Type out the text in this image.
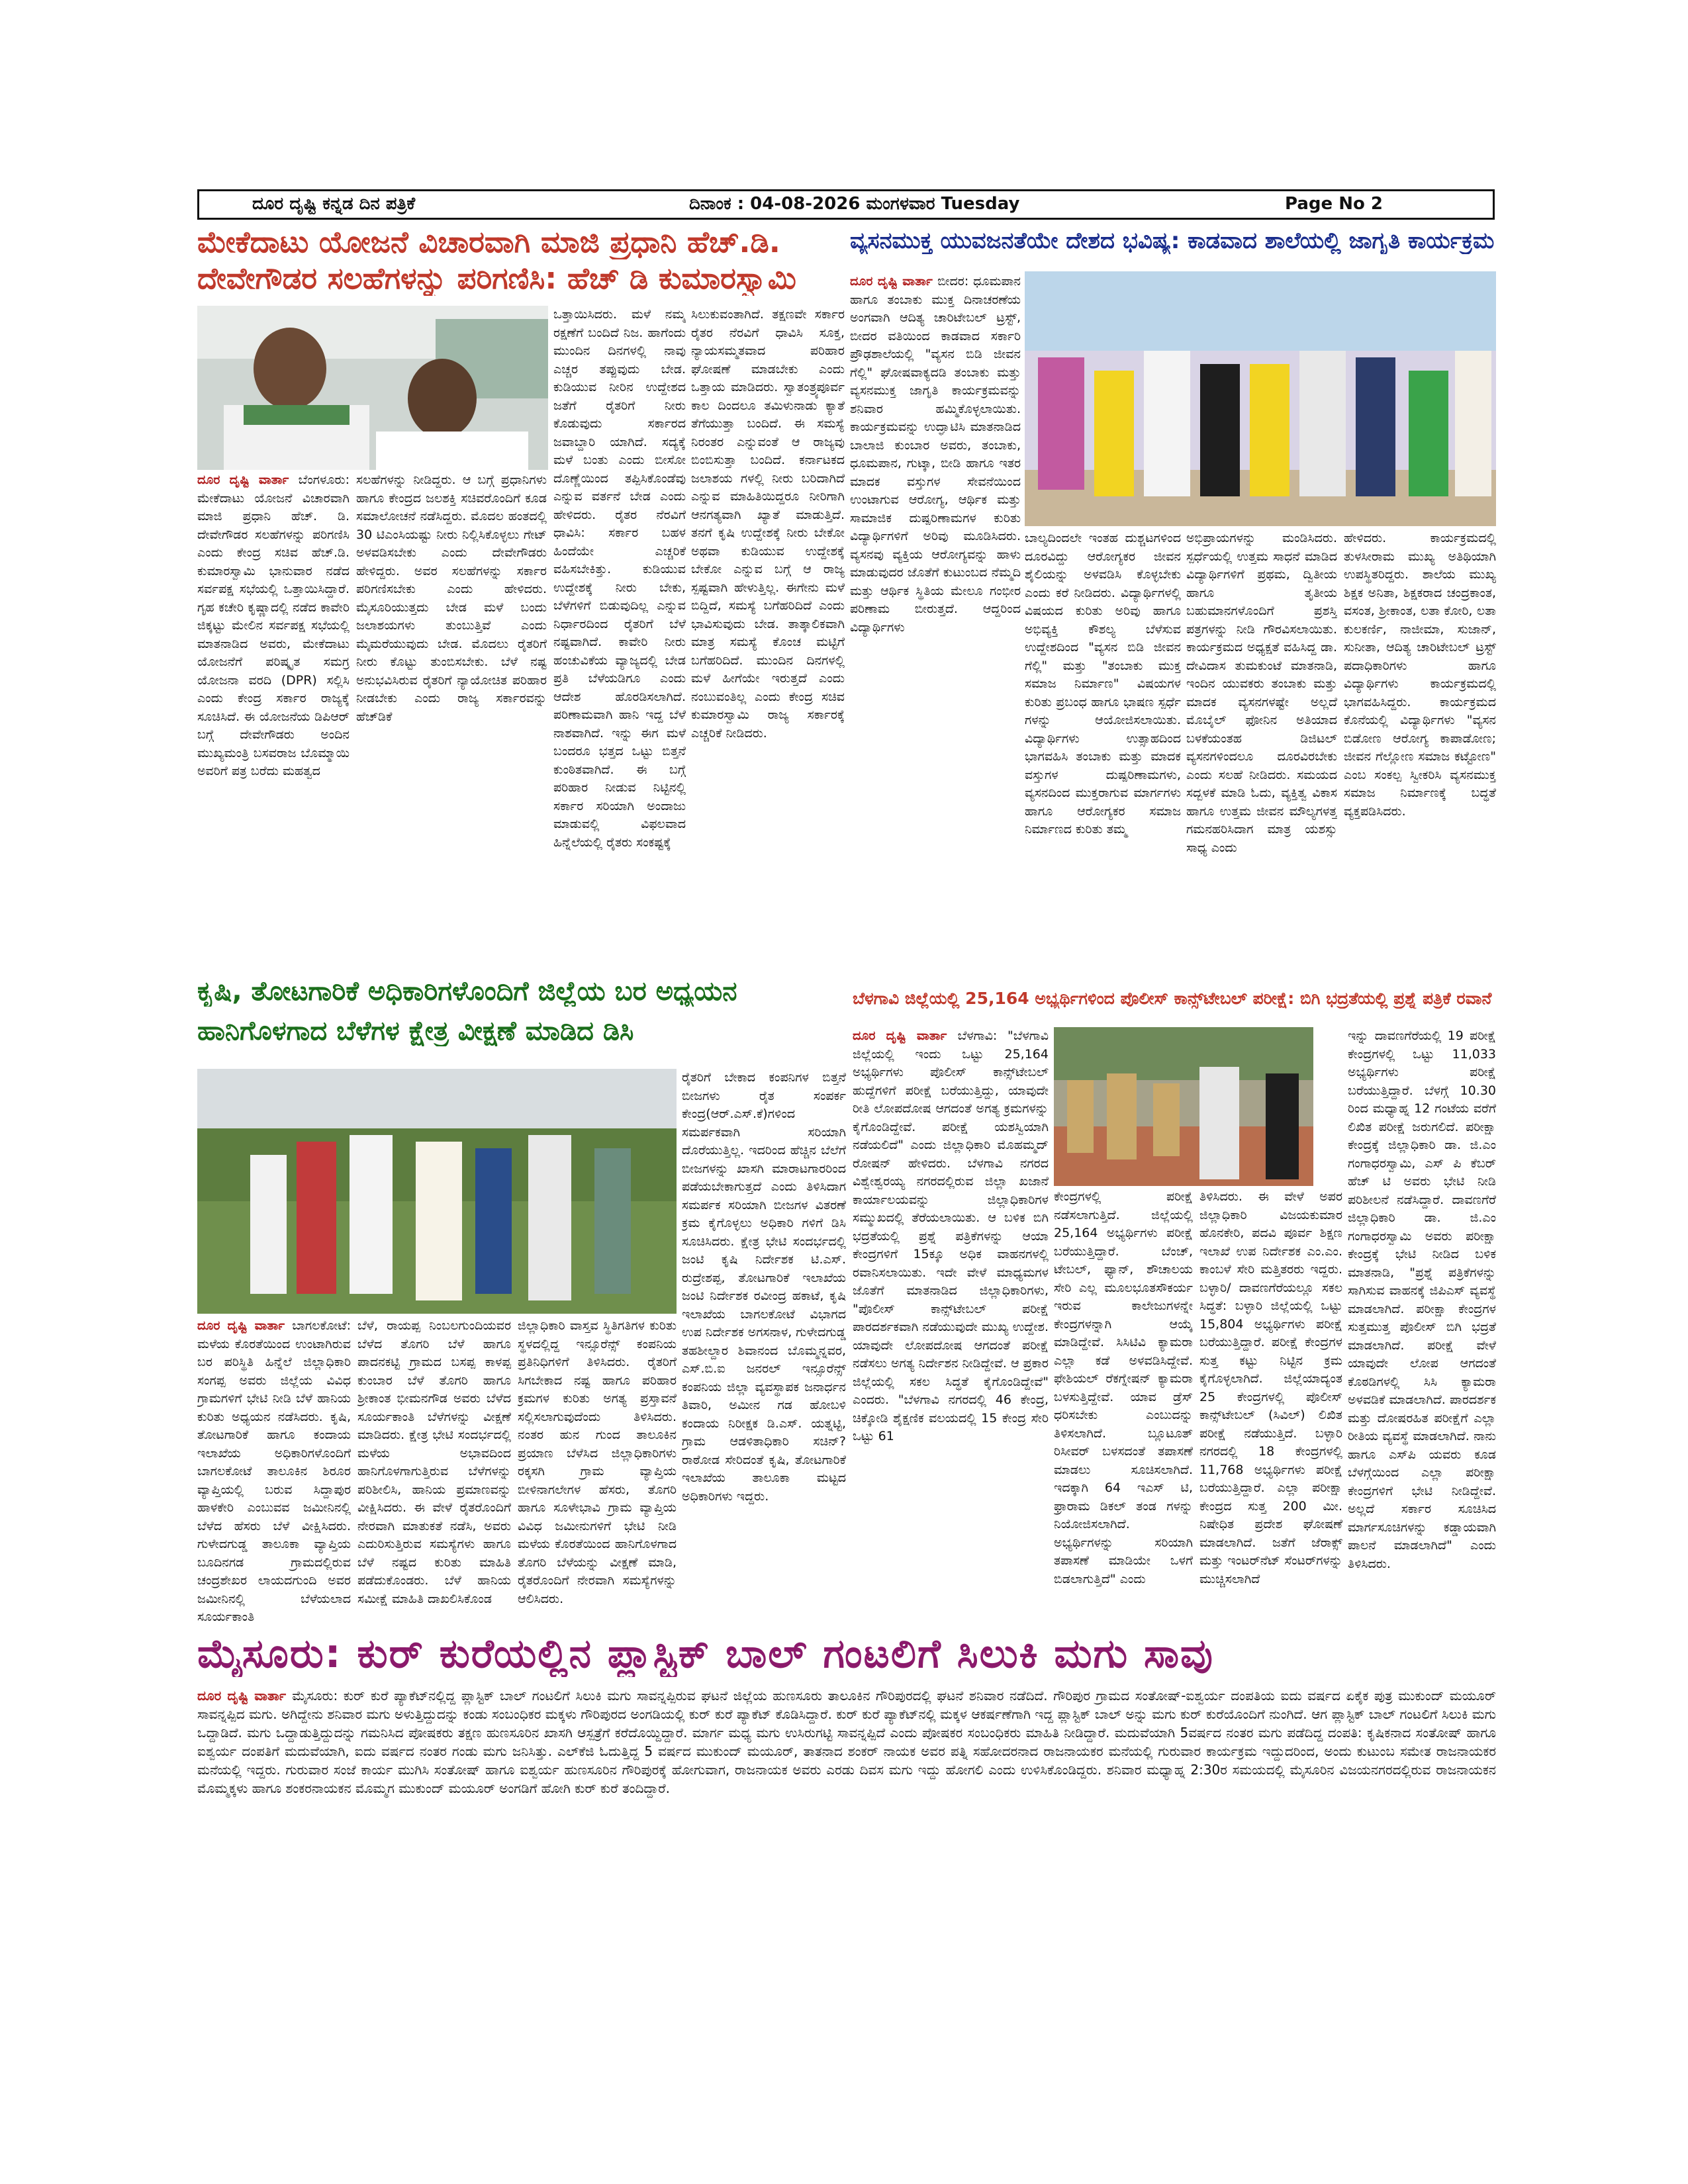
ದೂರ ದೃಷ್ಟಿ ಕನ್ನಡ ದಿನ ಪತ್ರಿಕೆ	ದಿನಾಂಕ : 04-08-2026 ಮಂಗಳವಾರ Tuesday	Page No 2
ಮೇಕೆದಾಟು ಯೋಜನೆ ವಿಚಾರವಾಗಿ ಮಾಜಿ ಪ್ರಧಾನಿ ಹೆಚ್.ಡಿ.
ದೇವೇಗೌಡರ ಸಲಹೆಗಳನ್ನು ಪರಿಗಣಿಸಿ: ಹೆಚ್ ಡಿ ಕುಮಾರಸ್ವಾಮಿ
ದೂರ ದೃಷ್ಟಿ ವಾರ್ತಾ ಬೆಂಗಳೂರು: ಮೇಕೆದಾಟು ಯೋಜನೆ ವಿಚಾರವಾಗಿ ಮಾಜಿ ಪ್ರಧಾನಿ ಹೆಚ್. ಡಿ. ದೇವೇಗೌಡರ ಸಲಹೆಗಳನ್ನು ಪರಿಗಣಿಸಿ ಎಂದು ಕೇಂದ್ರ ಸಚಿವ ಹೆಚ್.ಡಿ. ಕುಮಾರಸ್ವಾಮಿ ಭಾನುವಾರ ನಡೆದ ಸರ್ವಪಕ್ಷ ಸಭೆಯಲ್ಲಿ ಒತ್ತಾಯಿಸಿದ್ದಾರೆ. ಗೃಹ ಕಚೇರಿ ಕೃಷ್ಣಾದಲ್ಲಿ ನಡೆದ ಕಾವೇರಿ ಜಿಕ್ಕಟ್ಟು ಮೇಲಿನ ಸರ್ವಪಕ್ಷ ಸಭೆಯಲ್ಲಿ ಮಾತನಾಡಿದ ಅವರು, ಮೇಕೆದಾಟು ಯೋಜನೆಗೆ ಪರಿಷ್ಕೃತ ಸಮಗ್ರ ಯೋಜನಾ ವರದಿ (DPR) ಸಲ್ಲಿಸಿ ಎಂದು ಕೇಂದ್ರ ಸರ್ಕಾರ ರಾಜ್ಯಕ್ಕೆ ಸೂಚಿಸಿದೆ. ಈ ಯೋಜನೆಯ ಡಿಪಿಆರ್ ಬಗ್ಗೆ ದೇವೇಗೌಡರು ಅಂದಿನ ಮುಖ್ಯಮಂತ್ರಿ ಬಸವರಾಜ ಬೊಮ್ಮಾಯಿ ಅವರಿಗೆ ಪತ್ರ ಬರೆದು ಮಹತ್ವದ
ಸಲಹೆಗಳನ್ನು ನೀಡಿದ್ದರು. ಆ ಬಗ್ಗೆ ಪ್ರಧಾನಿಗಳು ಹಾಗೂ ಕೇಂದ್ರದ ಜಲಶಕ್ತಿ ಸಚಿವರೊಂದಿಗೆ ಕೂಡ ಸಮಾಲೋಚನೆ ನಡೆಸಿದ್ದರು. ಮೊದಲ ಹಂತದಲ್ಲಿ 30 ಟಿಎಂಸಿಯಷ್ಟು ನೀರು ನಿಲ್ಲಿಸಿಕೊಳ್ಳಲು ಗೇಟ್ ಅಳವಡಿಸಬೇಕು ಎಂದು ದೇವೇಗೌಡರು ಹೇಳಿದ್ದರು. ಅವರ ಸಲಹೆಗಳನ್ನು ಸರ್ಕಾರ ಪರಿಗಣಿಸಬೇಕು ಎಂದು ಹೇಳಿದರು. ಮೈಸೂರಿಯುತ್ತದು ಬೇಡ ಮಳೆ ಬಂದು ಜಲಾಶಯಗಳು ತುಂಬುತ್ತಿವೆ ಎಂದು ಮೈಮರೆಯುವುದು ಬೇಡ. ಮೊದಲು ರೈತರಿಗೆ ನೀರು ಕೊಟ್ಟು ತುಂಬಿಸಬೇಕು. ಬೆಳೆ ನಷ್ಟ ಅನುಭವಿಸಿರುವ ರೈತರಿಗೆ ನ್ಯಾಯೋಚಿತ ಪರಿಹಾರ ನೀಡಬೇಕು ಎಂದು ರಾಜ್ಯ ಸರ್ಕಾರವನ್ನು ಹೆಚ್‌ಡಿಕೆ
ಒತ್ತಾಯಿಸಿದರು. ಮಳೆ ನಮ್ಮ ರಕ್ಷಣೆಗೆ ಬಂದಿದೆ ನಿಜ. ಹಾಗೆಂದು ಮುಂದಿನ ದಿನಗಳಲ್ಲಿ ನಾವು ಎಚ್ಚರ ತಪ್ಪುವುದು ಬೇಡ. ಕುಡಿಯುವ ನೀರಿನ ಉದ್ದೇಶದ ಜತೆಗೆ ರೈತರಿಗೆ ನೀರು ಕೊಡುವುದು ಸರ್ಕಾರದ ಜವಾಬ್ದಾರಿ ಯಾಗಿದೆ. ಸದ್ಯಕ್ಕೆ ಮಳೆ ಬಂತು ಎಂದು ಬೀಸೋ ದೊಣ್ಣೆಯಿಂದ ತಪ್ಪಿಸಿಕೊಂಡೆವು ಎನ್ನುವ ವರ್ತನೆ ಬೇಡ ಎಂದು ಹೇಳಿದರು. ರೈತರ ನೆರವಿಗೆ ಧಾವಿಸಿ: ಸರ್ಕಾರ ಬಹಳ ಹಿಂದೆಯೇ ಎಚ್ಚರಿಕೆ ವಹಿಸಬೇಕಿತ್ತು. ಕುಡಿಯುವ ಉದ್ದೇಶಕ್ಕೆ ನೀರು ಬೇಕು, ಬೆಳೆಗಳಿಗೆ ಬಿಡುವುದಿಲ್ಲ ಎನ್ನುವ ನಿರ್ಧಾರದಿಂದ ರೈತರಿಗೆ ಬೆಳೆ ನಷ್ಟವಾಗಿದೆ. ಕಾವೇರಿ ನೀರು ಹಂಚುವಿಕೆಯ ವ್ಯಾಜ್ಯದಲ್ಲಿ ಬೇಡ ಪ್ರತಿ ಬೆಳೆಯಡಿಗೂ ಎಂದು ಆದೇಶ ಹೊರಡಿಸಲಾಗಿದೆ. ಪರಿಣಾಮವಾಗಿ ಹಾನಿ ಇದ್ದ ಬೆಳೆ ನಾಶವಾಗಿದೆ. ಇನ್ನು ಈಗ ಮಳೆ ಬಂದರೂ ಭತ್ತದ ಒಟ್ಟು ಬಿತ್ತನೆ ಕುಂಠಿತವಾಗಿದೆ. ಈ ಬಗ್ಗೆ ಪರಿಹಾರ ನೀಡುವ ನಿಟ್ಟಿನಲ್ಲಿ ಸರ್ಕಾರ ಸರಿಯಾಗಿ ಅಂದಾಜು ಮಾಡುವಲ್ಲಿ ವಿಫಲವಾದ ಹಿನ್ನೆಲೆಯಲ್ಲಿ ರೈತರು ಸಂಕಷ್ಟಕ್ಕೆ
ಸಿಲುಕುವಂತಾಗಿದೆ. ತಕ್ಷಣವೇ ಸರ್ಕಾರ ರೈತರ ನೆರವಿಗೆ ಧಾವಿಸಿ ಸೂಕ್ತ, ನ್ಯಾಯಸಮ್ಮತವಾದ ಪರಿಹಾರ ಘೋಷಣೆ ಮಾಡಬೇಕು ಎಂದು ಒತ್ತಾಯ ಮಾಡಿದರು. ಸ್ವಾತಂತ್ರ್ಯಪೂರ್ವ ಕಾಲ ದಿಂದಲೂ ತಮಿಳುನಾಡು ಕ್ಯಾತೆ ತೆಗೆಯುತ್ತಾ ಬಂದಿದೆ. ಈ ಸಮಸ್ಯೆ ನಿರಂತರ ಎನ್ನುವಂತೆ ಆ ರಾಜ್ಯವು ಬಿಂಬಿಸುತ್ತಾ ಬಂದಿದೆ. ಕರ್ನಾಟಕದ ಜಲಾಶಯ ಗಳಲ್ಲಿ ನೀರು ಬರಿದಾಗಿದೆ ಎನ್ನುವ ಮಾಹಿತಿಯಿದ್ದರೂ ನೀರಿಗಾಗಿ ಆನಗತ್ಯವಾಗಿ ಖ್ಯಾತೆ ಮಾಡುತ್ತಿದೆ. ತನಗೆ ಕೃಷಿ ಉದ್ದೇಶಕ್ಕೆ ನೀರು ಬೇಕೋ ಅಥವಾ ಕುಡಿಯುವ ಉದ್ದೇಶಕ್ಕೆ ಬೇಕೋ ಎನ್ನುವ ಬಗ್ಗೆ ಆ ರಾಜ್ಯ ಸ್ಪಷ್ಟವಾಗಿ ಹೇಳುತ್ತಿಲ್ಲ. ಈಗೇನು ಮಳೆ ಬಿದ್ದಿದೆ, ಸಮಸ್ಯೆ ಬಗೆಹರಿದಿದೆ ಎಂದು ಭಾವಿಸುವುದು ಬೇಡ. ತಾತ್ಕಾಲಿಕವಾಗಿ ಮಾತ್ರ ಸಮಸ್ಯೆ ಕೊಂಚ ಮಟ್ಟಿಗೆ ಬಗೆಹರಿದಿದೆ. ಮುಂದಿನ ದಿನಗಳಲ್ಲಿ ಮಳೆ ಹೀಗೆಯೇ ಇರುತ್ತದೆ ಎಂದು ನಂಬುವಂತಿಲ್ಲ ಎಂದು ಕೇಂದ್ರ ಸಚಿವ ಕುಮಾರಸ್ವಾಮಿ ರಾಜ್ಯ ಸರ್ಕಾರಕ್ಕೆ ಎಚ್ಚರಿಕೆ ನೀಡಿದರು.
ವ್ಯಸನಮುಕ್ತ ಯುವಜನತೆಯೇ ದೇಶದ ಭವಿಷ್ಯ: ಕಾಡವಾದ ಶಾಲೆಯಲ್ಲಿ ಜಾಗೃತಿ ಕಾರ್ಯಕ್ರಮ
ದೂರ ದೃಷ್ಟಿ ವಾರ್ತಾ ಬೀದರ: ಧೂಮಪಾನ ಹಾಗೂ ತಂಬಾಕು ಮುಕ್ತ ದಿನಾಚರಣೆಯ ಅಂಗವಾಗಿ ಆದಿತ್ಯ ಚಾರಿಟೇಬಲ್ ಟ್ರಸ್ಟ್, ಬೀದರ ವತಿಯಿಂದ ಕಾಡವಾದ ಸರ್ಕಾರಿ ಪ್ರೌಢಶಾಲೆಯಲ್ಲಿ "ವ್ಯಸನ ಬಿಡಿ ಜೀವನ ಗೆಲ್ಲಿ" ಘೋಷವಾಕ್ಯದಡಿ ತಂಬಾಕು ಮತ್ತು ವ್ಯಸನಮುಕ್ತ ಜಾಗೃತಿ ಕಾರ್ಯಕ್ರಮವನ್ನು ಶನಿವಾರ ಹಮ್ಮಿಕೊಳ್ಳಲಾಯಿತು. ಕಾರ್ಯಕ್ರಮವನ್ನು ಉದ್ಘಾಟಿಸಿ ಮಾತನಾಡಿದ ಬಾಲಾಜಿ ಕುಂಬಾರ ಅವರು, ತಂಬಾಕು, ಧೂಮಪಾನ, ಗುಟ್ಕಾ, ಬೀಡಿ ಹಾಗೂ ಇತರ ಮಾದಕ ವಸ್ತುಗಳ ಸೇವನೆಯಿಂದ ಉಂಟಾಗುವ ಆರೋಗ್ಯ, ಆರ್ಥಿಕ ಮತ್ತು ಸಾಮಾಜಿಕ ದುಷ್ಪರಿಣಾಮಗಳ ಕುರಿತು ವಿದ್ಯಾರ್ಥಿಗಳಿಗೆ ಅರಿವು ಮೂಡಿಸಿದರು. ವ್ಯಸನವು ವ್ಯಕ್ತಿಯ ಆರೋಗ್ಯವನ್ನು ಹಾಳು ಮಾಡುವುದರ ಜೊತೆಗೆ ಕುಟುಂಬದ ನೆಮ್ಮದಿ ಮತ್ತು ಆರ್ಥಿಕ ಸ್ಥಿತಿಯ ಮೇಲೂ ಗಂಭೀರ ಪರಿಣಾಮ ಬೀರುತ್ತದೆ. ಆದ್ದರಿಂದ ವಿದ್ಯಾರ್ಥಿಗಳು
ಬಾಲ್ಯದಿಂದಲೇ ಇಂತಹ ದುಶ್ಚಟಗಳಿಂದ ದೂರವಿದ್ದು ಆರೋಗ್ಯಕರ ಜೀವನ ಶೈಲಿಯನ್ನು ಅಳವಡಿಸಿ ಕೊಳ್ಳಬೇಕು ಎಂದು ಕರೆ ನೀಡಿದರು. ವಿದ್ಯಾರ್ಥಿಗಳಲ್ಲಿ ವಿಷಯದ ಕುರಿತು ಅರಿವು ಹಾಗೂ ಅಭಿವ್ಯಕ್ತಿ ಕೌಶಲ್ಯ ಬೆಳೆಸುವ ಉದ್ದೇಶದಿಂದ "ವ್ಯಸನ ಬಿಡಿ ಜೀವನ ಗೆಲ್ಲಿ" ಮತ್ತು "ತಂಬಾಕು ಮುಕ್ತ ಸಮಾಜ ನಿರ್ಮಾಣ" ವಿಷಯಗಳ ಕುರಿತು ಪ್ರಬಂಧ ಹಾಗೂ ಭಾಷಣ ಸ್ಪರ್ಧೆ ಗಳನ್ನು ಆಯೋಜಿಸಲಾಯಿತು. ವಿದ್ಯಾರ್ಥಿಗಳು ಉತ್ಸಾಹದಿಂದ ಭಾಗವಹಿಸಿ ತಂಬಾಕು ಮತ್ತು ಮಾದಕ ವಸ್ತುಗಳ ದುಷ್ಪರಿಣಾಮಗಳು, ವ್ಯಸನದಿಂದ ಮುಕ್ತರಾಗುವ ಮಾರ್ಗಗಳು ಹಾಗೂ ಆರೋಗ್ಯಕರ ಸಮಾಜ ನಿರ್ಮಾಣದ ಕುರಿತು ತಮ್ಮ
ಅಭಿಪ್ರಾಯಗಳನ್ನು ಮಂಡಿಸಿದರು. ಸ್ಪರ್ಧೆಯಲ್ಲಿ ಉತ್ತಮ ಸಾಧನೆ ಮಾಡಿದ ವಿದ್ಯಾರ್ಥಿಗಳಿಗೆ ಪ್ರಥಮ, ದ್ವಿತೀಯ ಹಾಗೂ ತೃತೀಯ ಬಹುಮಾನಗಳೊಂದಿಗೆ ಪ್ರಶಸ್ತಿ ಪತ್ರಗಳನ್ನು ನೀಡಿ ಗೌರವಿಸಲಾಯಿತು. ಕಾರ್ಯಕ್ರಮದ ಅಧ್ಯಕ್ಷತೆ ವಹಿಸಿದ್ದ ಡಾ. ದೇವಿದಾಸ ತುಮಕುಂಟೆ ಮಾತನಾಡಿ, ಇಂದಿನ ಯುವಕರು ತಂಬಾಕು ಮತ್ತು ಮಾದಕ ವ್ಯಸನಗಳಷ್ಟೇ ಅಲ್ಲದೆ ಮೊಬೈಲ್ ಫೋನಿನ ಅತಿಯಾದ ಬಳಕೆಯಂತಹ ಡಿಜಿಟಲ್ ವ್ಯಸನಗಳಿಂದಲೂ ದೂರವಿರಬೇಕು ಎಂದು ಸಲಹೆ ನೀಡಿದರು. ಸಮಯದ ಸದ್ಬಳಕೆ ಮಾಡಿ ಓದು, ವ್ಯಕ್ತಿತ್ವ ವಿಕಾಸ ಹಾಗೂ ಉತ್ತಮ ಜೀವನ ಮೌಲ್ಯಗಳತ್ತ ಗಮನಹರಿಸಿದಾಗ ಮಾತ್ರ ಯಶಸ್ಸು ಸಾಧ್ಯ ಎಂದು
ಹೇಳಿದರು. ಕಾರ್ಯಕ್ರಮದಲ್ಲಿ ತುಳಸೀರಾಮ ಮುಖ್ಯ ಅತಿಥಿಯಾಗಿ ಉಪಸ್ಥಿತರಿದ್ದರು. ಶಾಲೆಯ ಮುಖ್ಯ ಶಿಕ್ಷಕ ಅನಿತಾ, ಶಿಕ್ಷಕರಾದ ಚಂದ್ರಕಾಂತ, ವಸಂತ, ಶ್ರೀಕಾಂತ, ಲತಾ ಕೋರಿ, ಲತಾ ಕುಲಕರ್ಣಿ, ನಾಜೀಮಾ, ಸುಜಾನ್, ಸುನೀತಾ, ಆದಿತ್ಯ ಚಾರಿಟೇಬಲ್ ಟ್ರಸ್ಟ್ ಪದಾಧಿಕಾರಿಗಳು ಹಾಗೂ ವಿದ್ಯಾರ್ಥಿಗಳು ಕಾರ್ಯಕ್ರಮದಲ್ಲಿ ಭಾಗವಹಿಸಿದ್ದರು. ಕಾರ್ಯಕ್ರಮದ ಕೊನೆಯಲ್ಲಿ ವಿದ್ಯಾರ್ಥಿಗಳು "ವ್ಯಸನ ಬಿಡೋಣ ಆರೋಗ್ಯ ಕಾಪಾಡೋಣ; ಜೀವನ ಗೆಲ್ಲೋಣ ಸಮಾಜ ಕಟ್ಟೋಣ" ಎಂಬ ಸಂಕಲ್ಪ ಸ್ವೀಕರಿಸಿ ವ್ಯಸನಮುಕ್ತ ಸಮಾಜ ನಿರ್ಮಾಣಕ್ಕೆ ಬದ್ಧತೆ ವ್ಯಕ್ತಪಡಿಸಿದರು.
ಕೃಷಿ, ತೋಟಗಾರಿಕೆ ಅಧಿಕಾರಿಗಳೊಂದಿಗೆ ಜಿಲ್ಲೆಯ ಬರ ಅಧ್ಯಯನ
ಹಾನಿಗೊಳಗಾದ ಬೆಳೆಗಳ ಕ್ಷೇತ್ರ ವೀಕ್ಷಣೆ ಮಾಡಿದ ಡಿಸಿ
ರೈತರಿಗೆ ಬೇಕಾದ ಕಂಪನಿಗಳ ಬಿತ್ತನೆ ಬೀಜಗಳು ರೈತ ಸಂಪರ್ಕ ಕೇಂದ್ರ(ಆರ್.ಎಸ್.ಕೆ)ಗಳಿಂದ ಸಮರ್ಪಕವಾಗಿ ಸರಿಯಾಗಿ ದೊರೆಯುತ್ತಿಲ್ಲ. ಇದರಿಂದ ಹೆಚ್ಚಿನ ಬೆಲೆಗೆ ಬೀಜಗಳನ್ನು ಖಾಸಗಿ ಮಾರಾಟಗಾರರಿಂದ ಪಡೆಯಬೇಕಾಗುತ್ತದೆ ಎಂದು ತಿಳಿಸಿದಾಗ ಸಮರ್ಪಕ ಸರಿಯಾಗಿ ಬೀಜಗಳ ವಿತರಣೆ ಕ್ರಮ ಕೈಗೊಳ್ಳಲು ಅಧಿಕಾರಿ ಗಳಿಗೆ ಡಿಸಿ ಸೂಚಿಸಿದರು. ಕ್ಷೇತ್ರ ಭೇಟಿ ಸಂದರ್ಭದಲ್ಲಿ ಜಂಟಿ ಕೃಷಿ ನಿರ್ದೇಶಕ ಟಿ.ಎಸ್. ರುದ್ರೇಶಪ್ಪ, ತೋಟಗಾರಿಕೆ ಇಲಾಖೆಯ ಜಂಟಿ ನಿರ್ದೇಶಕ ರವೀಂದ್ರ ಹಕಾಟೆ, ಕೃಷಿ ಇಲಾಖೆಯ ಬಾಗಲಕೋಟೆ ವಿಭಾಗದ ಉಪ ನಿರ್ದೇಶಕ ಅಗಸನಾಳ, ಗುಳೇದಗುಡ್ಡ ತಹಶೀಲ್ದಾರ ಶಿವಾನಂದ ಬೊಮ್ಮನ್ನವರ, ಎಸ್.ಬಿ.ಐ ಜನರಲ್ ಇನ್ಸೂರೆನ್ಸ್ ಕಂಪನಿಯ ಜಿಲ್ಲಾ ವ್ಯವಸ್ಥಾಪಕ ಜನಾರ್ಧನ ತಿವಾರಿ, ಅಮೀನ ಗಡ ಹೋಬಳಿ ಕಂದಾಯ ನಿರೀಕ್ಷಕ ಡಿ.ಎಸ್. ಯತ್ನಟ್ಟಿ, ಗ್ರಾಮ ಆಡಳಿತಾಧಿಕಾರಿ ಸಚಿನ್? ರಾಠೋಡ ಸೇರಿದಂತೆ ಕೃಷಿ, ತೋಟಗಾರಿಕೆ ಇಲಾಖೆಯ ತಾಲೂಕಾ ಮಟ್ಟದ ಅಧಿಕಾರಿಗಳು ಇದ್ದರು.
ದೂರ ದೃಷ್ಟಿ ವಾರ್ತಾ ಬಾಗಲಕೋಟೆ: ಮಳೆಯ ಕೊರತೆಯಿಂದ ಉಂಟಾಗಿರುವ ಬರ ಪರಿಸ್ಥಿತಿ ಹಿನ್ನೆಲೆ ಜಿಲ್ಲಾಧಿಕಾರಿ ಸಂಗಪ್ಪ ಅವರು ಜಿಲ್ಲೆಯ ವಿವಿಧ ಗ್ರಾಮಗಳಿಗೆ ಭೇಟಿ ನೀಡಿ ಬೆಳೆ ಹಾನಿಯ ಕುರಿತು ಅಧ್ಯಯನ ನಡೆಸಿದರು. ಕೃಷಿ, ತೋಟಗಾರಿಕೆ ಹಾಗೂ ಕಂದಾಯ ಇಲಾಖೆಯ ಅಧಿಕಾರಿಗಳೊಂದಿಗೆ ಬಾಗಲಕೋಟೆ ತಾಲೂಕಿನ ಶಿರೂರ ವ್ಯಾಪ್ತಿಯಲ್ಲಿ ಬರುವ ಸಿದ್ದಾಪುರ ಹಾಳಕೇರಿ ಎಂಬುವವ ಜಮೀನಿನಲ್ಲಿ ಬೆಳೆದ ಹೆಸರು ಬೆಳೆ ವೀಕ್ಷಿಸಿದರು. ಗುಳೇದಗುಡ್ಡ ತಾಲೂಕಾ ವ್ಯಾಪ್ತಿಯ ಬೂದಿನಗಡ ಗ್ರಾಮದಲ್ಲಿರುವ ಚಂದ್ರಶೇಖರ ಲಾಯದಗುಂದಿ ಅವರ ಜಮೀನಿನಲ್ಲಿ ಬೆಳೆಯಲಾದ ಸೂರ್ಯಕಾಂತಿ
ಬೆಳೆ, ರಾಯಪ್ಪ ನಿಂಬಲಗುಂದಿಯವರ ಬೆಳೆದ ತೊಗರಿ ಬೆಳೆ ಹಾಗೂ ಪಾದನಕಟ್ಟಿ ಗ್ರಾಮದ ಬಸಪ್ಪ ಕಾಳಪ್ಪ ಕುಂಬಾರ ಬೆಳೆ ತೊಗರಿ ಹಾಗೂ ಶ್ರೀಕಾಂತ ಭೀಮನಗೌಡ ಅವರು ಬೆಳೆದ ಸೂರ್ಯಕಾಂತಿ ಬೆಳೆಗಳನ್ನು ವೀಕ್ಷಣೆ ಮಾಡಿದರು. ಕ್ಷೇತ್ರ ಭೇಟಿ ಸಂದರ್ಭದಲ್ಲಿ ಮಳೆಯ ಅಭಾವದಿಂದ ಹಾನಿಗೊಳಗಾಗುತ್ತಿರುವ ಬೆಳೆಗಳನ್ನು ಪರಿಶೀಲಿಸಿ, ಹಾನಿಯ ಪ್ರಮಾಣವನ್ನು ವೀಕ್ಷಿಸಿದರು. ಈ ವೇಳೆ ರೈತರೊಂದಿಗೆ ನೇರವಾಗಿ ಮಾತುಕತೆ ನಡೆಸಿ, ಅವರು ಎದುರಿಸುತ್ತಿರುವ ಸಮಸ್ಯೆಗಳು ಹಾಗೂ ಬೆಳೆ ನಷ್ಟದ ಕುರಿತು ಮಾಹಿತಿ ಪಡೆದುಕೊಂಡರು. ಬೆಳೆ ಹಾನಿಯ ಸಮೀಕ್ಷೆ ಮಾಹಿತಿ ದಾಖಲಿಸಿಕೊಂಡ
ಜಿಲ್ಲಾಧಿಕಾರಿ ವಾಸ್ತವ ಸ್ಥಿತಿಗತಿಗಳ ಕುರಿತು ಸ್ಥಳದಲ್ಲಿದ್ದ ಇನ್ಸೂರೆನ್ಸ್ ಕಂಪನಿಯ ಪ್ರತಿನಿಧಿಗಳಿಗೆ ತಿಳಿಸಿದರು. ರೈತರಿಗೆ ಸಿಗಬೇಕಾದ ನಷ್ಟ ಹಾಗೂ ಪರಿಹಾರ ಕ್ರಮಗಳ ಕುರಿತು ಅಗತ್ಯ ಪ್ರಸ್ತಾವನೆ ಸಲ್ಲಿಸಲಾಗುವುದೆಂದು ತಿಳಿಸಿದರು. ನಂತರ ಹುನ ಗುಂದ ತಾಲೂಕಿನ ಪ್ರಯಾಣ ಬೆಳೆಸಿದ ಜಿಲ್ಲಾಧಿಕಾರಿಗಳು ರಕ್ಕಸಗಿ ಗ್ರಾಮ ವ್ಯಾಪ್ತಿಯ ಬೀಳಿನಾಗಲೇಗಳ ಹೆಸರು, ತೊಗರಿ ಹಾಗೂ ಸೂಳೇಭಾವಿ ಗ್ರಾಮ ವ್ಯಾಪ್ತಿಯ ವಿವಿಧ ಜಮೀನುಗಳಿಗೆ ಭೇಟಿ ನೀಡಿ ಮಳೆಯ ಕೊರತೆಯಿಂದ ಹಾನಿಗೊಳಗಾದ ತೊಗರಿ ಬೆಳೆಯನ್ನು ವೀಕ್ಷಣೆ ಮಾಡಿ, ರೈತರೊಂದಿಗೆ ನೇರವಾಗಿ ಸಮಸ್ಯೆಗಳನ್ನು ಆಲಿಸಿದರು.
ಬೆಳಗಾವಿ ಜಿಲ್ಲೆಯಲ್ಲಿ 25,164 ಅಭ್ಯರ್ಥಿಗಳಿಂದ ಪೊಲೀಸ್ ಕಾನ್ಸ್‌ಟೇಬಲ್ ಪರೀಕ್ಷೆ: ಬಿಗಿ ಭದ್ರತೆಯಲ್ಲಿ ಪ್ರಶ್ನೆ ಪತ್ರಿಕೆ ರವಾನೆ
ದೂರ ದೃಷ್ಟಿ ವಾರ್ತಾ ಬೆಳಗಾವಿ: "ಬೆಳಗಾವಿ ಜಿಲ್ಲೆಯಲ್ಲಿ ಇಂದು ಒಟ್ಟು 25,164 ಅಭ್ಯರ್ಥಿಗಳು ಪೊಲೀಸ್ ಕಾನ್ಸ್‌ಟೇಬಲ್ ಹುದ್ದೆಗಳಿಗೆ ಪರೀಕ್ಷೆ ಬರೆಯುತ್ತಿದ್ದು, ಯಾವುದೇ ರೀತಿ ಲೋಪದೋಷ ಆಗದಂತೆ ಅಗತ್ಯ ಕ್ರಮಗಳನ್ನು ಕೈಗೊಂಡಿದ್ದೇವೆ. ಪರೀಕ್ಷೆ ಯಶಸ್ವಿಯಾಗಿ ನಡೆಯಲಿದೆ" ಎಂದು ಜಿಲ್ಲಾಧಿಕಾರಿ ಮೊಹಮ್ಮದ್ ರೋಷನ್ ಹೇಳಿದರು. ಬೆಳಗಾವಿ ನಗರದ ವಿಶ್ವೇಶ್ವರಯ್ಯ ನಗರದಲ್ಲಿರುವ ಜಿಲ್ಲಾ ಖಜಾನೆ ಕಾರ್ಯಾಲಯವನ್ನು ಜಿಲ್ಲಾಧಿಕಾರಿಗಳ ಸಮ್ಮುಖದಲ್ಲಿ ತೆರೆಯಲಾಯಿತು. ಆ ಬಳಿಕ ಬಿಗಿ ಭದ್ರತೆಯಲ್ಲಿ ಪ್ರಶ್ನೆ ಪತ್ರಿಕೆಗಳನ್ನು ಆಯಾ ಕೇಂದ್ರಗಳಿಗೆ 15ಕ್ಕೂ ಅಧಿಕ ವಾಹನಗಳಲ್ಲಿ ರವಾನಿಸಲಾಯಿತು. ಇದೇ ವೇಳೆ ಮಾಧ್ಯಮಗಳ ಜೊತೆಗೆ ಮಾತನಾಡಿದ ಜಿಲ್ಲಾಧಿಕಾರಿಗಳು, "ಪೊಲೀಸ್ ಕಾನ್ಸ್‌ಟೇಬಲ್ ಪರೀಕ್ಷೆ ಪಾರದರ್ಶಕವಾಗಿ ನಡೆಯುವುದೇ ಮುಖ್ಯ ಉದ್ದೇಶ. ಯಾವುದೇ ಲೋಪದೋಷ ಆಗದಂತೆ ಪರೀಕ್ಷೆ ನಡೆಸಲು ಅಗತ್ಯ ನಿರ್ದೇಶನ ನೀಡಿದ್ದೇವೆ. ಆ ಪ್ರಕಾರ ಜಿಲ್ಲೆಯಲ್ಲಿ ಸಕಲ ಸಿದ್ಧತೆ ಕೈಗೊಂಡಿದ್ದೇವೆ" ಎಂದರು. "ಬೆಳಗಾವಿ ನಗರದಲ್ಲಿ 46 ಕೇಂದ್ರ, ಚಿಕ್ಕೋಡಿ ಶೈಕ್ಷಣಿಕ ವಲಯದಲ್ಲಿ 15 ಕೇಂದ್ರ ಸೇರಿ ಒಟ್ಟು 61
ಕೇಂದ್ರಗಳಲ್ಲಿ ಪರೀಕ್ಷೆ ನಡೆಸಲಾಗುತ್ತಿದೆ. ಜಿಲ್ಲೆಯಲ್ಲಿ 25,164 ಅಭ್ಯರ್ಥಿಗಳು ಪರೀಕ್ಷೆ ಬರೆಯುತ್ತಿದ್ದಾರೆ. ಬೆಂಚ್, ಟೇಬಲ್, ಫ್ಯಾನ್, ಶೌಚಾಲಯ ಸೇರಿ ಎಲ್ಲ ಮೂಲಭೂತಸೌಕರ್ಯ ಇರುವ ಕಾಲೇಜುಗಳನ್ನೇ ಕೇಂದ್ರಗಳನ್ನಾಗಿ ಆಯ್ಕೆ ಮಾಡಿದ್ದೇವೆ. ಸಿಸಿಟಿವಿ ಕ್ಯಾಮರಾ ಎಲ್ಲಾ ಕಡೆ ಅಳವಡಿಸಿದ್ದೇವೆ. ಫೇಶಿಯಲ್ ರೆಕಗ್ನೇಷನ್ ಕ್ಯಾಮರಾ ಬಳಸುತ್ತಿದ್ದೇವೆ. ಯಾವ ಡ್ರೆಸ್ ಧರಿಸಬೇಕು ಎಂಬುದನ್ನು ತಿಳಿಸಲಾಗಿದೆ. ಬ್ಲೂಟೂತ್ ರಿಸೀವರ್ ಬಳಸದಂತೆ ತಪಾಸಣೆ ಮಾಡಲು ಸೂಚಿಸಲಾಗಿದೆ. ಇದಕ್ಕಾಗಿ 64 ಇಎಸ್ ಟಿ, ಫ್ರಾರಾಮ ಡಿಕಲ್ ತಂಡ ಗಳನ್ನು ನಿಯೋಜಿಸಲಾಗಿದೆ. ಅಭ್ಯರ್ಥಿಗಳನ್ನು ಸರಿಯಾಗಿ ತಪಾಸಣೆ ಮಾಡಿಯೇ ಒಳಗೆ ಬಿಡಲಾಗುತ್ತಿದೆ" ಎಂದು
ತಿಳಿಸಿದರು. ಈ ವೇಳೆ ಅಪರ ಜಿಲ್ಲಾಧಿಕಾರಿ ವಿಜಯಕುಮಾರ ಹೊನಕೇರಿ, ಪದವಿ ಪೂರ್ವ ಶಿಕ್ಷಣ ಇಲಾಖೆ ಉಪ ನಿರ್ದೇಶಕ ಎಂ.ಎಂ. ಕಾಂಬಳೆ ಸೇರಿ ಮತ್ತಿತರರು ಇದ್ದರು. ಬಳ್ಳಾರಿ/ ದಾವಣಗೆರೆಯಲ್ಲೂ ಸಕಲ ಸಿದ್ಧತೆ: ಬಳ್ಳಾರಿ ಜಿಲ್ಲೆಯಲ್ಲಿ ಒಟ್ಟು 15,804 ಅಭ್ಯರ್ಥಿಗಳು ಪರೀಕ್ಷೆ ಬರೆಯುತ್ತಿದ್ದಾರೆ. ಪರೀಕ್ಷೆ ಕೇಂದ್ರಗಳ ಸುತ್ತ ಕಟ್ಟು ನಿಟ್ಟಿನ ಕ್ರಮ ಕೈಗೊಳ್ಳಲಾಗಿದೆ. ಜಿಲ್ಲೆಯಾದ್ಯಂತ 25 ಕೇಂದ್ರಗಳಲ್ಲಿ ಪೊಲೀಸ್ ಕಾನ್ಸ್‌ಟೇಬಲ್ (ಸಿವಿಲ್) ಲಿಖಿತ ಪರೀಕ್ಷೆ ನಡೆಯುತ್ತಿದೆ. ಬಳ್ಳಾರಿ ನಗರದಲ್ಲಿ 18 ಕೇಂದ್ರಗಳಲ್ಲಿ 11,768 ಅಭ್ಯರ್ಥಿಗಳು ಪರೀಕ್ಷೆ ಬರೆಯುತ್ತಿದ್ದಾರೆ. ಎಲ್ಲಾ ಪರೀಕ್ಷಾ ಕೇಂದ್ರದ ಸುತ್ತ 200 ಮೀ. ನಿಷೇಧಿತ ಪ್ರದೇಶ ಘೋಷಣೆ ಮಾಡಲಾಗಿದೆ. ಜತೆಗೆ ಜೆರಾಕ್ಸ್ ಮತ್ತು ಇಂಟರ್‌ನೆಟ್ ಸೆಂಟರ್‌ಗಳನ್ನು ಮುಚ್ಚಿಸಲಾಗಿದೆ
ಇನ್ನು ದಾವಣಗೆರೆಯಲ್ಲಿ 19 ಪರೀಕ್ಷೆ ಕೇಂದ್ರಗಳಲ್ಲಿ ಒಟ್ಟು 11,033 ಅಭ್ಯರ್ಥಿಗಳು ಪರೀಕ್ಷೆ ಬರೆಯುತ್ತಿದ್ದಾರೆ. ಬೆಳಗ್ಗೆ 10.30 ರಿಂದ ಮಧ್ಯಾಹ್ನ 12 ಗಂಟೆಯ ವರೆಗೆ ಲಿಖಿತ ಪರೀಕ್ಷೆ ಜರುಗಲಿದೆ. ಪರೀಕ್ಷಾ ಕೇಂದ್ರಕ್ಕೆ ಜಿಲ್ಲಾಧಿಕಾರಿ ಡಾ. ಜಿ.ಎಂ ಗಂಗಾಧರಸ್ವಾಮಿ, ಎಸ್ ಪಿ ಕೆಬರ್ ಹೆಚ್ ಟಿ ಅವರು ಭೇಟಿ ನೀಡಿ ಪರಿಶೀಲನೆ ನಡೆಸಿದ್ದಾರೆ. ದಾವಣಗೆರೆ ಜಿಲ್ಲಾಧಿಕಾರಿ ಡಾ. ಜಿ.ಎಂ ಗಂಗಾಧರಸ್ವಾಮಿ ಅವರು ಪರೀಕ್ಷಾ ಕೇಂದ್ರಕ್ಕೆ ಭೇಟಿ ನೀಡಿದ ಬಳಿಕ ಮಾತನಾಡಿ, "ಪ್ರಶ್ನೆ ಪತ್ರಿಕೆಗಳನ್ನು ಸಾಗಿಸುವ ವಾಹನಕ್ಕೆ ಜಿಪಿಎಸ್ ವ್ಯವಸ್ಥೆ ಮಾಡಲಾಗಿದೆ. ಪರೀಕ್ಷಾ ಕೇಂದ್ರಗಳ ಸುತ್ತಮುತ್ತ ಪೊಲೀಸ್ ಬಿಗಿ ಭದ್ರತೆ ಮಾಡಲಾಗಿದೆ. ಪರೀಕ್ಷೆ ವೇಳೆ ಯಾವುದೇ ಲೋಪ ಆಗದಂತೆ ಕೊಠಡಿಗಳಲ್ಲಿ ಸಿಸಿ ಕ್ಯಾಮರಾ ಅಳವಡಿಕೆ ಮಾಡಲಾಗಿದೆ. ಪಾರದರ್ಶಕ ಮತ್ತು ದೋಷರಹಿತ ಪರೀಕ್ಷೆಗೆ ಎಲ್ಲಾ ರೀತಿಯ ವ್ಯವಸ್ಥೆ ಮಾಡಲಾಗಿದೆ. ನಾನು ಹಾಗೂ ಎಸ್‌ಪಿ ಯವರು ಕೂಡ ಬೆಳಗ್ಗೆಯಿಂದ ಎಲ್ಲಾ ಪರೀಕ್ಷಾ ಕೇಂದ್ರಗಳಿಗೆ ಭೇಟಿ ನೀಡಿದ್ದೇವೆ. ಅಲ್ಲದೆ ಸರ್ಕಾರ ಸೂಚಿಸಿದ ಮಾರ್ಗಸೂಚಿಗಳನ್ನು ಕಡ್ಡಾಯವಾಗಿ ಪಾಲನೆ ಮಾಡಲಾಗಿದೆ" ಎಂದು ತಿಳಿಸಿದರು.
ಮೈಸೂರು: ಕುರ್ ಕುರೆಯಲ್ಲಿನ ಪ್ಲಾಸ್ಟಿಕ್ ಬಾಲ್ ಗಂಟಲಿಗೆ ಸಿಲುಕಿ ಮಗು ಸಾವು
ದೂರ ದೃಷ್ಟಿ ವಾರ್ತಾ ಮೈಸೂರು: ಕುರ್ ಕುರೆ ಪ್ಯಾಕೆಟ್‌ನಲ್ಲಿದ್ದ ಪ್ಲಾಸ್ಟಿಕ್ ಬಾಲ್ ಗಂಟಲಿಗೆ ಸಿಲುಕಿ ಮಗು ಸಾವನ್ನಪ್ಪಿರುವ ಘಟನೆ ಜಿಲ್ಲೆಯ ಹುಣಸೂರು ತಾಲೂಕಿನ ಗೌರಿಪುರದಲ್ಲಿ ಘಟನೆ ಶನಿವಾರ ನಡೆದಿದೆ. ಗೌರಿಪುರ ಗ್ರಾಮದ ಸಂತೋಷ್-ಐಶ್ವರ್ಯ ದಂಪತಿಯ ಐದು ವರ್ಷದ ಏಕೈಕ ಪುತ್ರ ಮುಕುಂದ್ ಮಯೂರ್ ಸಾವನ್ನಪ್ಪಿದ ಮಗು. ಅಗಿದ್ದೇನು ಶನಿವಾರ ಮಗು ಅಳುತ್ತಿದ್ದುದನ್ನು ಕಂಡು ಸಂಬಂಧಿಕರ ಮಕ್ಕಳು ಗೌರಿಪುರದ ಅಂಗಡಿಯಲ್ಲಿ ಕುರ್ ಕುರೆ ಪ್ಯಾಕೆಟ್ ಕೊಡಿಸಿದ್ದಾರೆ. ಕುರ್ ಕುರೆ ಪ್ಯಾಕೆಟ್‌ನಲ್ಲಿ ಮಕ್ಕಳ ಆಕರ್ಷಣೆಗಾಗಿ ಇದ್ದ ಪ್ಲಾಸ್ಟಿಕ್ ಬಾಲ್ ಅನ್ನು ಮಗು ಕುರ್ ಕುರೆಯೊಂದಿಗೆ ನುಂಗಿದೆ. ಆಗ ಪ್ಲಾಸ್ಟಿಕ್ ಬಾಲ್ ಗಂಟಲಿಗೆ ಸಿಲುಕಿ ಮಗು ಒದ್ದಾಡಿದೆ. ಮಗು ಒದ್ದಾಡುತ್ತಿದ್ದುದನ್ನು ಗಮನಿಸಿದ ಪೋಷಕರು ತಕ್ಷಣ ಹುಣಸೂರಿನ ಖಾಸಗಿ ಆಸ್ಪತ್ರೆಗೆ ಕರೆದೊಯ್ದಿದ್ದಾರೆ. ಮಾರ್ಗ ಮಧ್ಯ ಮಗು ಉಸಿರುಗಟ್ಟಿ ಸಾವನ್ನಪ್ಪಿದೆ ಎಂದು ಪೋಷಕರ ಸಂಬಂಧಿಕರು ಮಾಹಿತಿ ನೀಡಿದ್ದಾರೆ. ಮದುವೆಯಾಗಿ 5ವರ್ಷದ ನಂತರ ಮಗು ಪಡೆದಿದ್ದ ದಂಪತಿ: ಕೃಷಿಕನಾದ ಸಂತೋಷ್ ಹಾಗೂ ಐಶ್ವರ್ಯ ದಂಪತಿಗೆ ಮದುವೆಯಾಗಿ, ಐದು ವರ್ಷದ ನಂತರ ಗಂಡು ಮಗು ಜನಿಸಿತ್ತು. ಎಲ್‌ಕೆಜಿ ಓದುತ್ತಿದ್ದ 5 ವರ್ಷದ ಮುಕುಂದ್ ಮಯೂರ್, ತಾತನಾದ ಶಂಕರ್ ನಾಯಕ ಅವರ ಪತ್ನಿ ಸಹೋದರನಾದ ರಾಜನಾಯಕರ ಮನೆಯಲ್ಲಿ ಗುರುವಾರ ಕಾರ್ಯಕ್ರಮ ಇದ್ದುದರಿಂದ, ಅಂದು ಕುಟುಂಬ ಸಮೇತ ರಾಜನಾಯಕರ ಮನೆಯಲ್ಲಿ ಇದ್ದರು. ಗುರುವಾರ ಸಂಜೆ ಕಾರ್ಯ ಮುಗಿಸಿ ಸಂತೋಷ್ ಹಾಗೂ ಐಶ್ವರ್ಯ ಹುಣಸೂರಿನ ಗೌರಿಪುರಕ್ಕೆ ಹೋಗುವಾಗ, ರಾಜನಾಯಕ ಅವರು ಎರಡು ದಿವಸ ಮಗು ಇದ್ದು ಹೋಗಲಿ ಎಂದು ಉಳಿಸಿಕೊಂಡಿದ್ದರು. ಶನಿವಾರ ಮಧ್ಯಾಹ್ನ 2:30ರ ಸಮಯದಲ್ಲಿ ಮೈಸೂರಿನ ವಿಜಯನಗರದಲ್ಲಿರುವ ರಾಜನಾಯಕನ ಮೊಮ್ಮಕ್ಕಳು ಹಾಗೂ ಶಂಕರನಾಯಕನ ಮೊಮ್ಮಗ ಮುಕುಂದ್ ಮಯೂರ್ ಅಂಗಡಿಗೆ ಹೋಗಿ ಕುರ್ ಕುರೆ ತಂದಿದ್ದಾರೆ.
